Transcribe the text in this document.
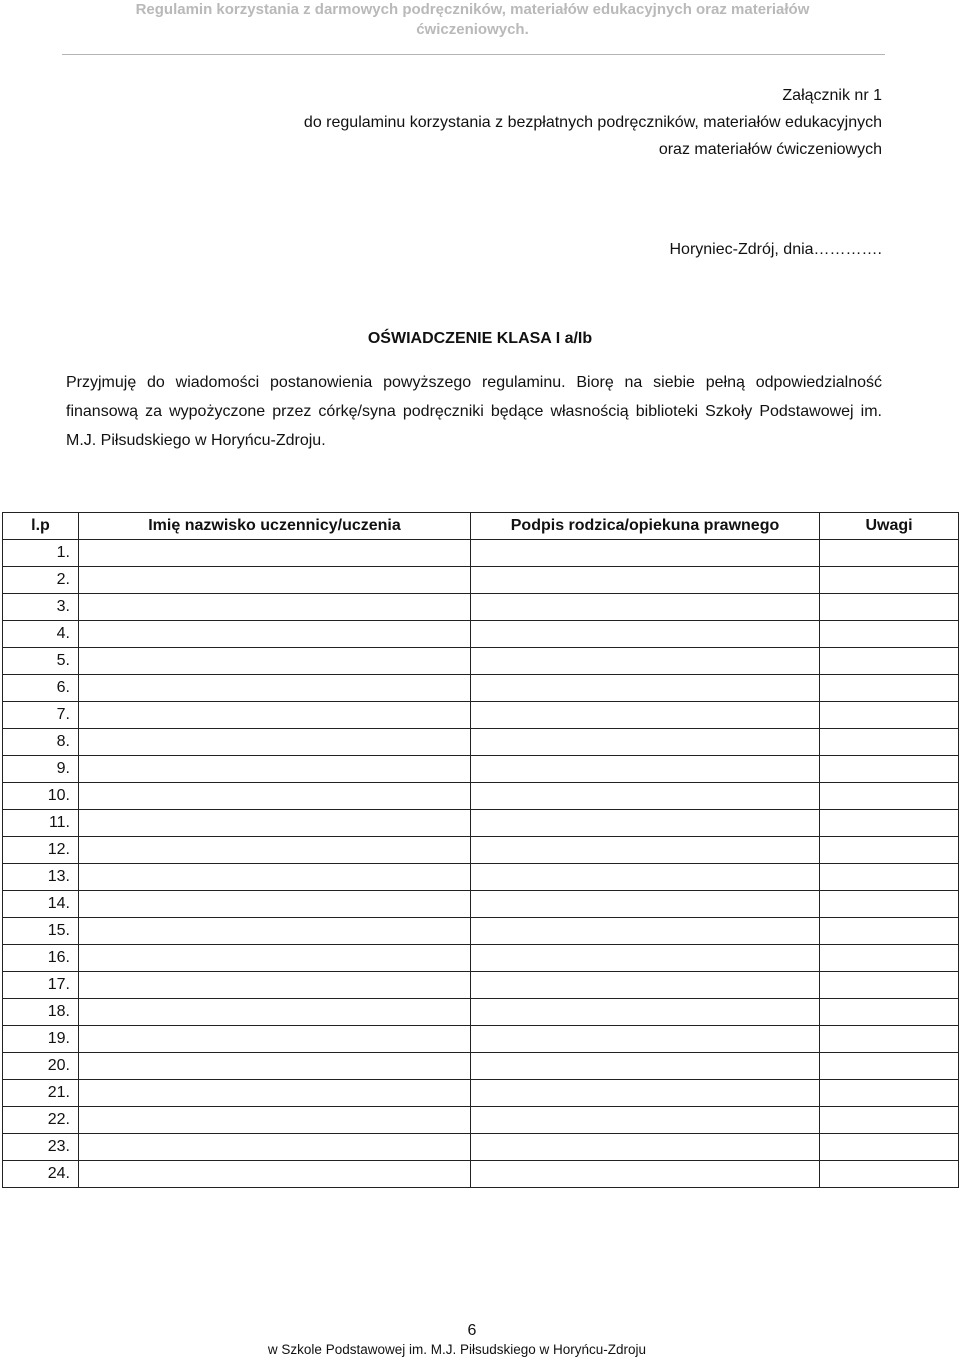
Regulamin korzystania z darmowych podręczników, materiałów edukacyjnych oraz materiałów
ćwiczeniowych.
Załącznik nr 1
do regulaminu korzystania z bezpłatnych podręczników, materiałów edukacyjnych
oraz materiałów ćwiczeniowych
Horyniec-Zdrój, dnia………….
OŚWIADCZENIE KLASA I a/Ib
Przyjmuję do wiadomości postanowienia powyższego regulaminu. Biorę na siebie pełną odpowiedzialność finansową za wypożyczone przez córkę/syna podręczniki będące własnością biblioteki Szkoły Podstawowej im. M.J. Piłsudskiego w Horyńcu-Zdroju.
l.p	Imię nazwisko uczennicy/uczenia	Podpis rodzica/opiekuna prawnego	Uwagi
1.			
2.			
3.			
4.			
5.			
6.			
7.			
8.			
9.			
10.			
11.			
12.			
13.			
14.			
15.			
16.			
17.			
18.			
19.			
20.			
21.			
22.			
23.			
24.			
6
w Szkole Podstawowej im. M.J. Piłsudskiego w Horyńcu-Zdroju
